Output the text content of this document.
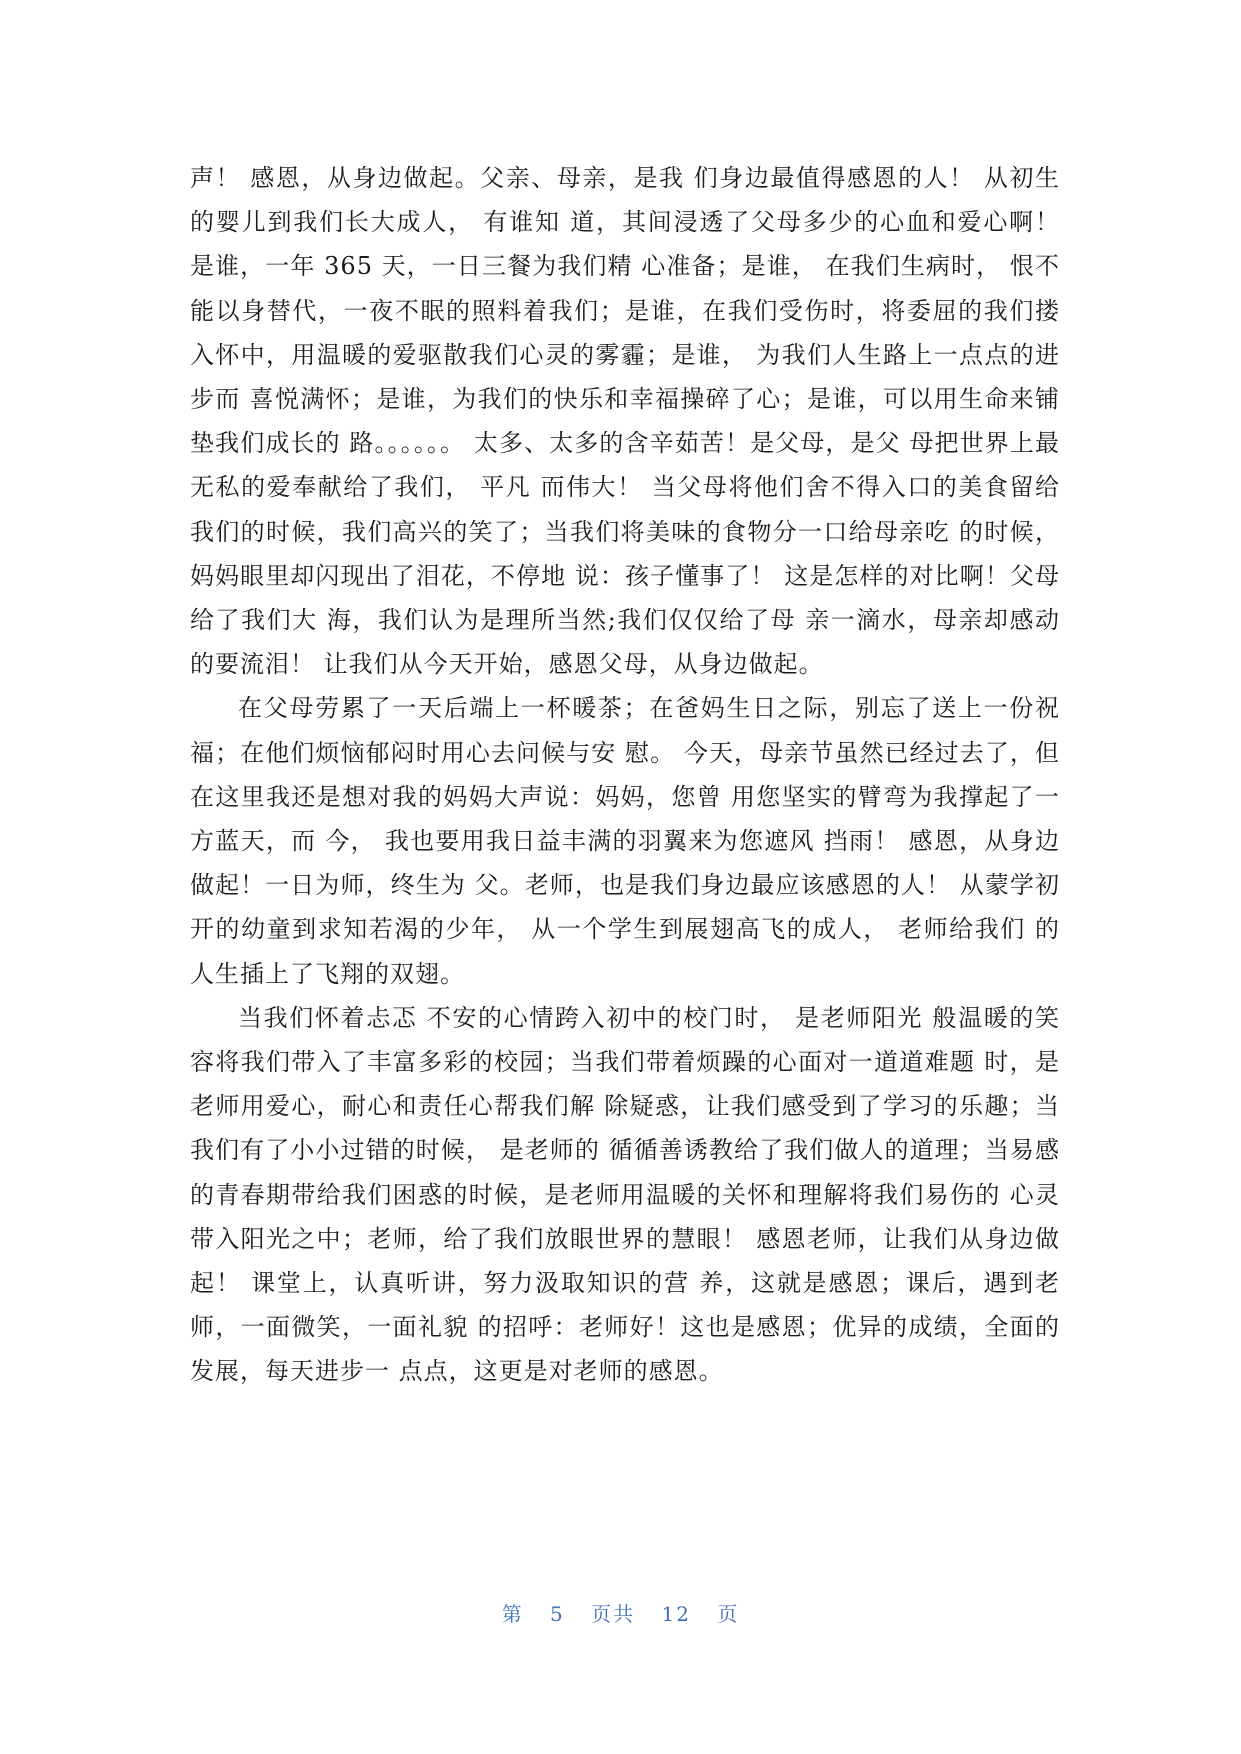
声！ 感恩，从身边做起。父亲、母亲，是我 们身边最值得感恩的人！ 从初生的婴儿到我们长大成人， 有谁知 道，其间浸透了父母多少的心血和爱心啊！ 是谁，一年 365 天，一日三餐为我们精 心准备；是谁， 在我们生病时， 恨不能以身替代，一夜不眠的照料着我们；是谁，在我们受伤时，将委屈的我们搂 入怀中，用温暖的爱驱散我们心灵的雾霾；是谁， 为我们人生路上一点点的进步而 喜悦满怀；是谁，为我们的快乐和幸福操碎了心；是谁，可以用生命来铺垫我们成长的 路。。。。。。 太多、太多的含辛茹苦！是父母，是父 母把世界上最无私的爱奉献给了我们， 平凡 而伟大！ 当父母将他们舍不得入口的美食留给我们的时候，我们高兴的笑了；当我们将美味的食物分一口给母亲吃 的时候，妈妈眼里却闪现出了泪花，不停地 说：孩子懂事了！ 这是怎样的对比啊！父母给了我们大 海，我们认为是理所当然;我们仅仅给了母 亲一滴水，母亲却感动的要流泪！ 让我们从今天开始，感恩父母，从身边做起。

在父母劳累了一天后端上一杯暖茶；在爸妈生日之际，别忘了送上一份祝福；在他们烦恼郁闷时用心去问候与安 慰。 今天，母亲节虽然已经过去了，但在这里我还是想对我的妈妈大声说：妈妈，您曾 用您坚实的臂弯为我撑起了一方蓝天，而 今， 我也要用我日益丰满的羽翼来为您遮风 挡雨！ 感恩，从身边做起！一日为师，终生为 父。老师，也是我们身边最应该感恩的人！ 从蒙学初开的幼童到求知若渴的少年， 从一个学生到展翅高飞的成人， 老师给我们 的人生插上了飞翔的双翅。

当我们怀着忐忑 不安的心情跨入初中的校门时， 是老师阳光 般温暖的笑容将我们带入了丰富多彩的校园；当我们带着烦躁的心面对一道道难题 时，是老师用爱心，耐心和责任心帮我们解 除疑惑，让我们感受到了学习的乐趣；当我们有了小小过错的时候， 是老师的 循循善诱教给了我们做人的道理；当易感的青春期带给我们困惑的时候，是老师用温暖的关怀和理解将我们易伤的 心灵带入阳光之中；老师，给了我们放眼世界的慧眼！ 感恩老师，让我们从身边做起！ 课堂上，认真听讲，努力汲取知识的营 养，这就是感恩；课后，遇到老师，一面微笑，一面礼貌 的招呼：老师好！这也是感恩；优异的成绩，全面的发展，每天进步一 点点，这更是对老师的感恩。

第 5 页共 12 页
